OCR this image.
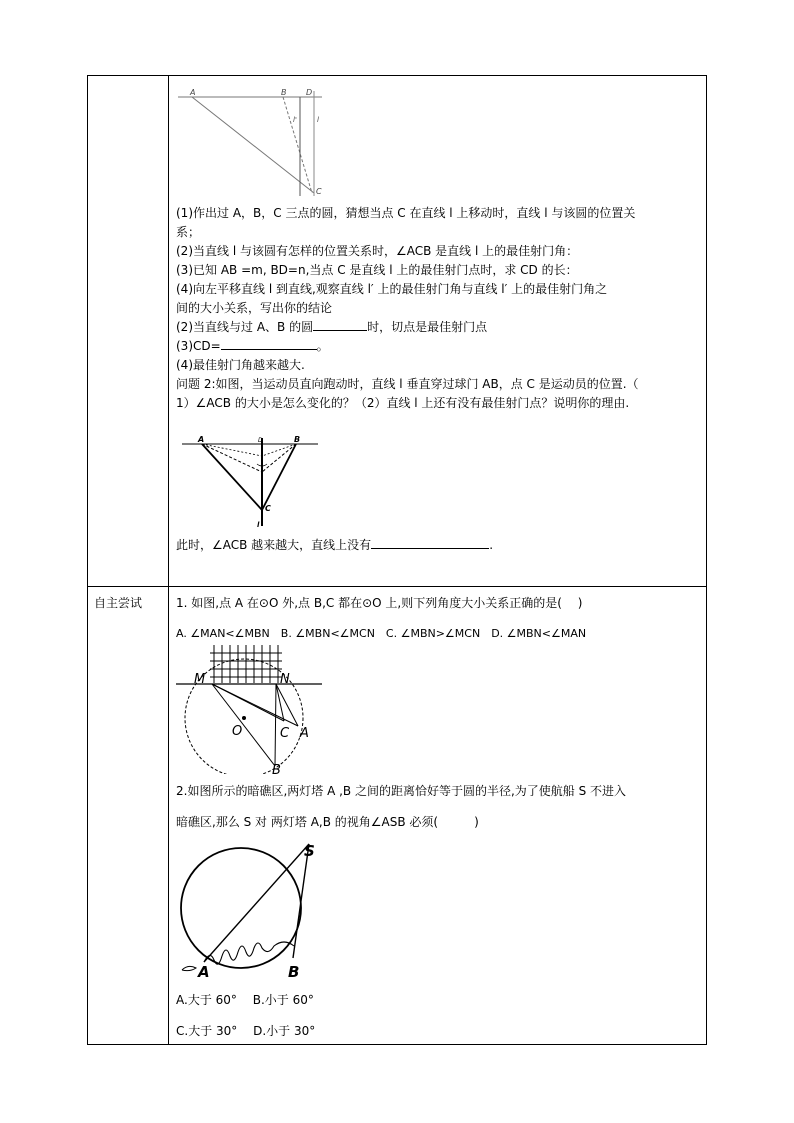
自主尝试
A	B D
l'	l
C
(1)作出过 A，B，C 三点的圆，猜想当点 C 在直线 l 上移动时，直线 l 与该圆的位置关
系；
(2)当直线 l 与该圆有怎样的位置关系时，∠ACB 是直线 l 上的最佳射门角：
(3)已知 AB =m, BD=n,当点 C 是直线 l 上的最佳射门点时，求 CD 的长：
(4)向左平移直线 l 到直线,观察直线 l′ 上的最佳射门角与直线 l′ 上的最佳射门角之
间的大小关系，写出你的结论
(2)当直线与过 A、B 的圆	时，切点是最佳射门点
(3)CD=	。
(4)最佳射门角越来越大.
问题 2:如图，当运动员直向跑动时，直线 l 垂直穿过球门 AB，点 C 是运动员的位置.（
1）∠ACB 的大小是怎么变化的？（2）直线 l 上还有没有最佳射门点？说明你的理由.
A	D	B
C
l
此时，∠ACB 越来越大，直线上没有	.
1. 如图,点 A 在⊙O 外,点 B,C 都在⊙O 上,则下列角度大小关系正确的是(　 )
A. ∠MAN<∠MBN　B. ∠MBN<∠MCN　C. ∠MBN>∠MCN　D. ∠MBN<∠MAN
M	N
O	C A
B
2.如图所示的暗礁区,两灯塔 A ,B 之间的距离恰好等于圆的半径,为了使航船 S 不进入
暗礁区,那么 S 对 两灯塔 A,B 的视角∠ASB 必须(　　　)
S
A	B
A.大于 60°　 B.小于 60°
C.大于 30°　 D.小于 30°
